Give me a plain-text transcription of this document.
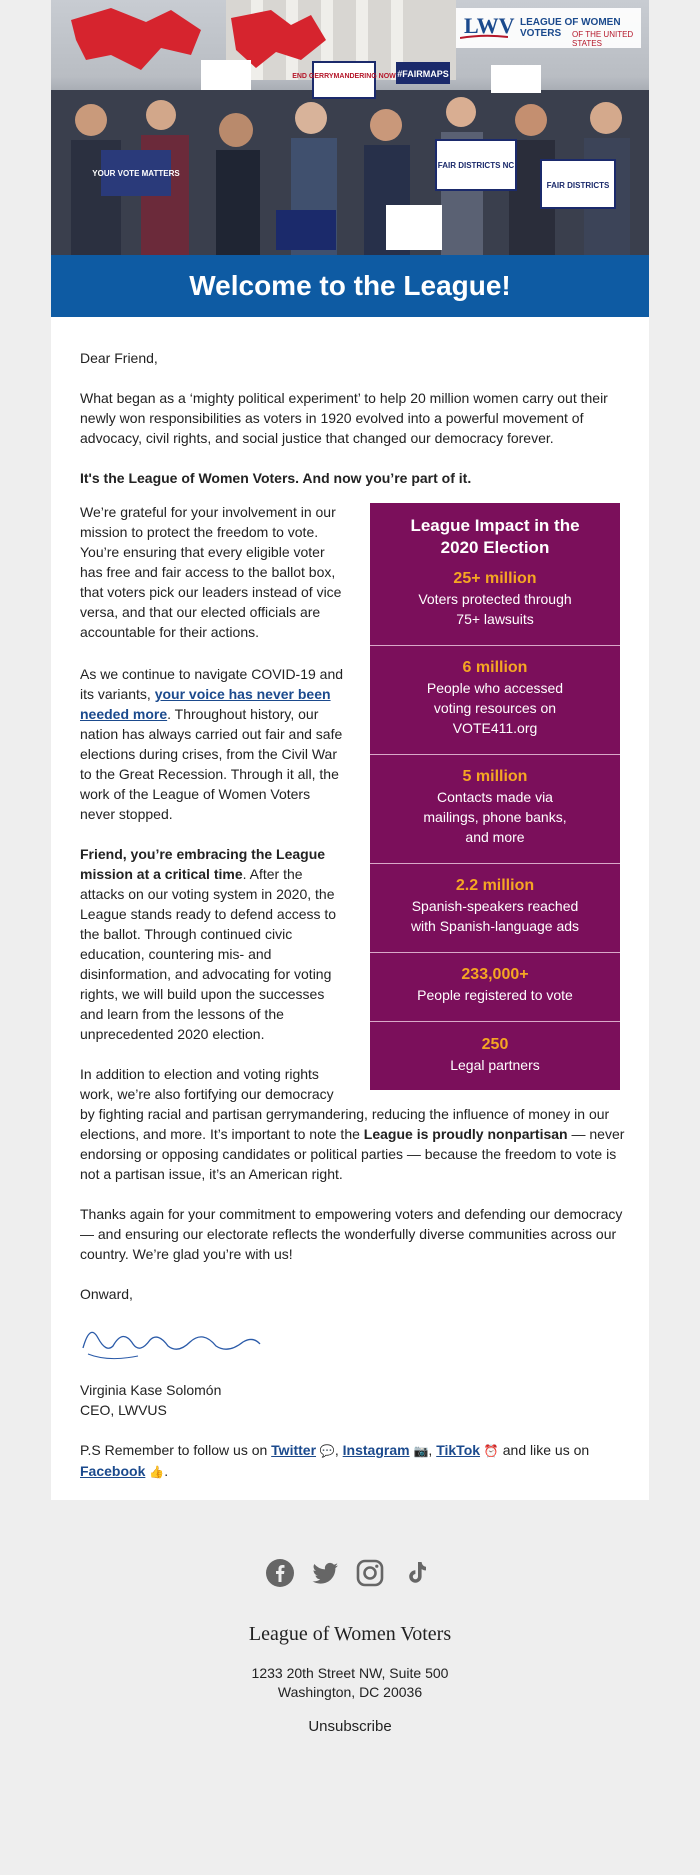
END GERRYMANDERING NOW #FAIRMAPS
FAIR DISTRICTS NC
YOUR VOTE MATTERS
FAIR DISTRICTS
LWV LEAGUE OF WOMEN VOTERS	OF THE UNITED STATES
Welcome to the League!

Dear Friend,

What began as a ‘mighty political experiment’ to help 20 million women carry out their newly won responsibilities as voters in 1920 evolved into a powerful movement of advocacy, civil rights, and social justice that changed our democracy forever.

It's the League of Women Voters. And now you’re part of it.

We’re grateful for your involvement in our mission to protect the freedom to vote. You’re ensuring that every eligible voter has free and fair access to the ballot box, that voters pick our leaders instead of vice versa, and that our elected officials are accountable for their actions.

As we continue to navigate COVID-19 and its variants, your voice has never been needed more. Throughout history, our nation has always carried out fair and safe elections during crises, from the Civil War to the Great Recession. Through it all, the work of the League of Women Voters never stopped.

Friend, you’re embracing the League mission at a critical time. After the attacks on our voting system in 2020, the League stands ready to defend access to the ballot. Through continued civic education, countering mis- and disinformation, and advocating for voting rights, we will build upon the successes and learn from the lessons of the unprecedented 2020 election.

In addition to election and voting rights work, we’re also fortifying our democracy

by fighting racial and partisan gerrymandering, reducing the influence of money in our elections, and more. It’s important to note the League is proudly nonpartisan — never endorsing or opposing candidates or political parties — because the freedom to vote is not a partisan issue, it’s an American right.

Thanks again for your commitment to empowering voters and defending our democracy — and ensuring our electorate reflects the wonderfully diverse communities across our country. We’re glad you’re with us!

Onward,

Virginia Kase Solomón

CEO, LWVUS

P.S Remember to follow us on Twitter 💬, Instagram 📷, TikTok ⏰ and like us on Facebook 👍.

League Impact in the
2020 Election
25+ million
Voters protected through
75+ lawsuits
6 million
People who accessed
voting resources on
VOTE411.org
5 million
Contacts made via
mailings, phone banks,
and more
2.2 million
Spanish-speakers reached
with Spanish-language ads
233,000+
People registered to vote
250
Legal partners
League of Women Voters
1233 20th Street NW, Suite 500
Washington, DC 20036
Unsubscribe
